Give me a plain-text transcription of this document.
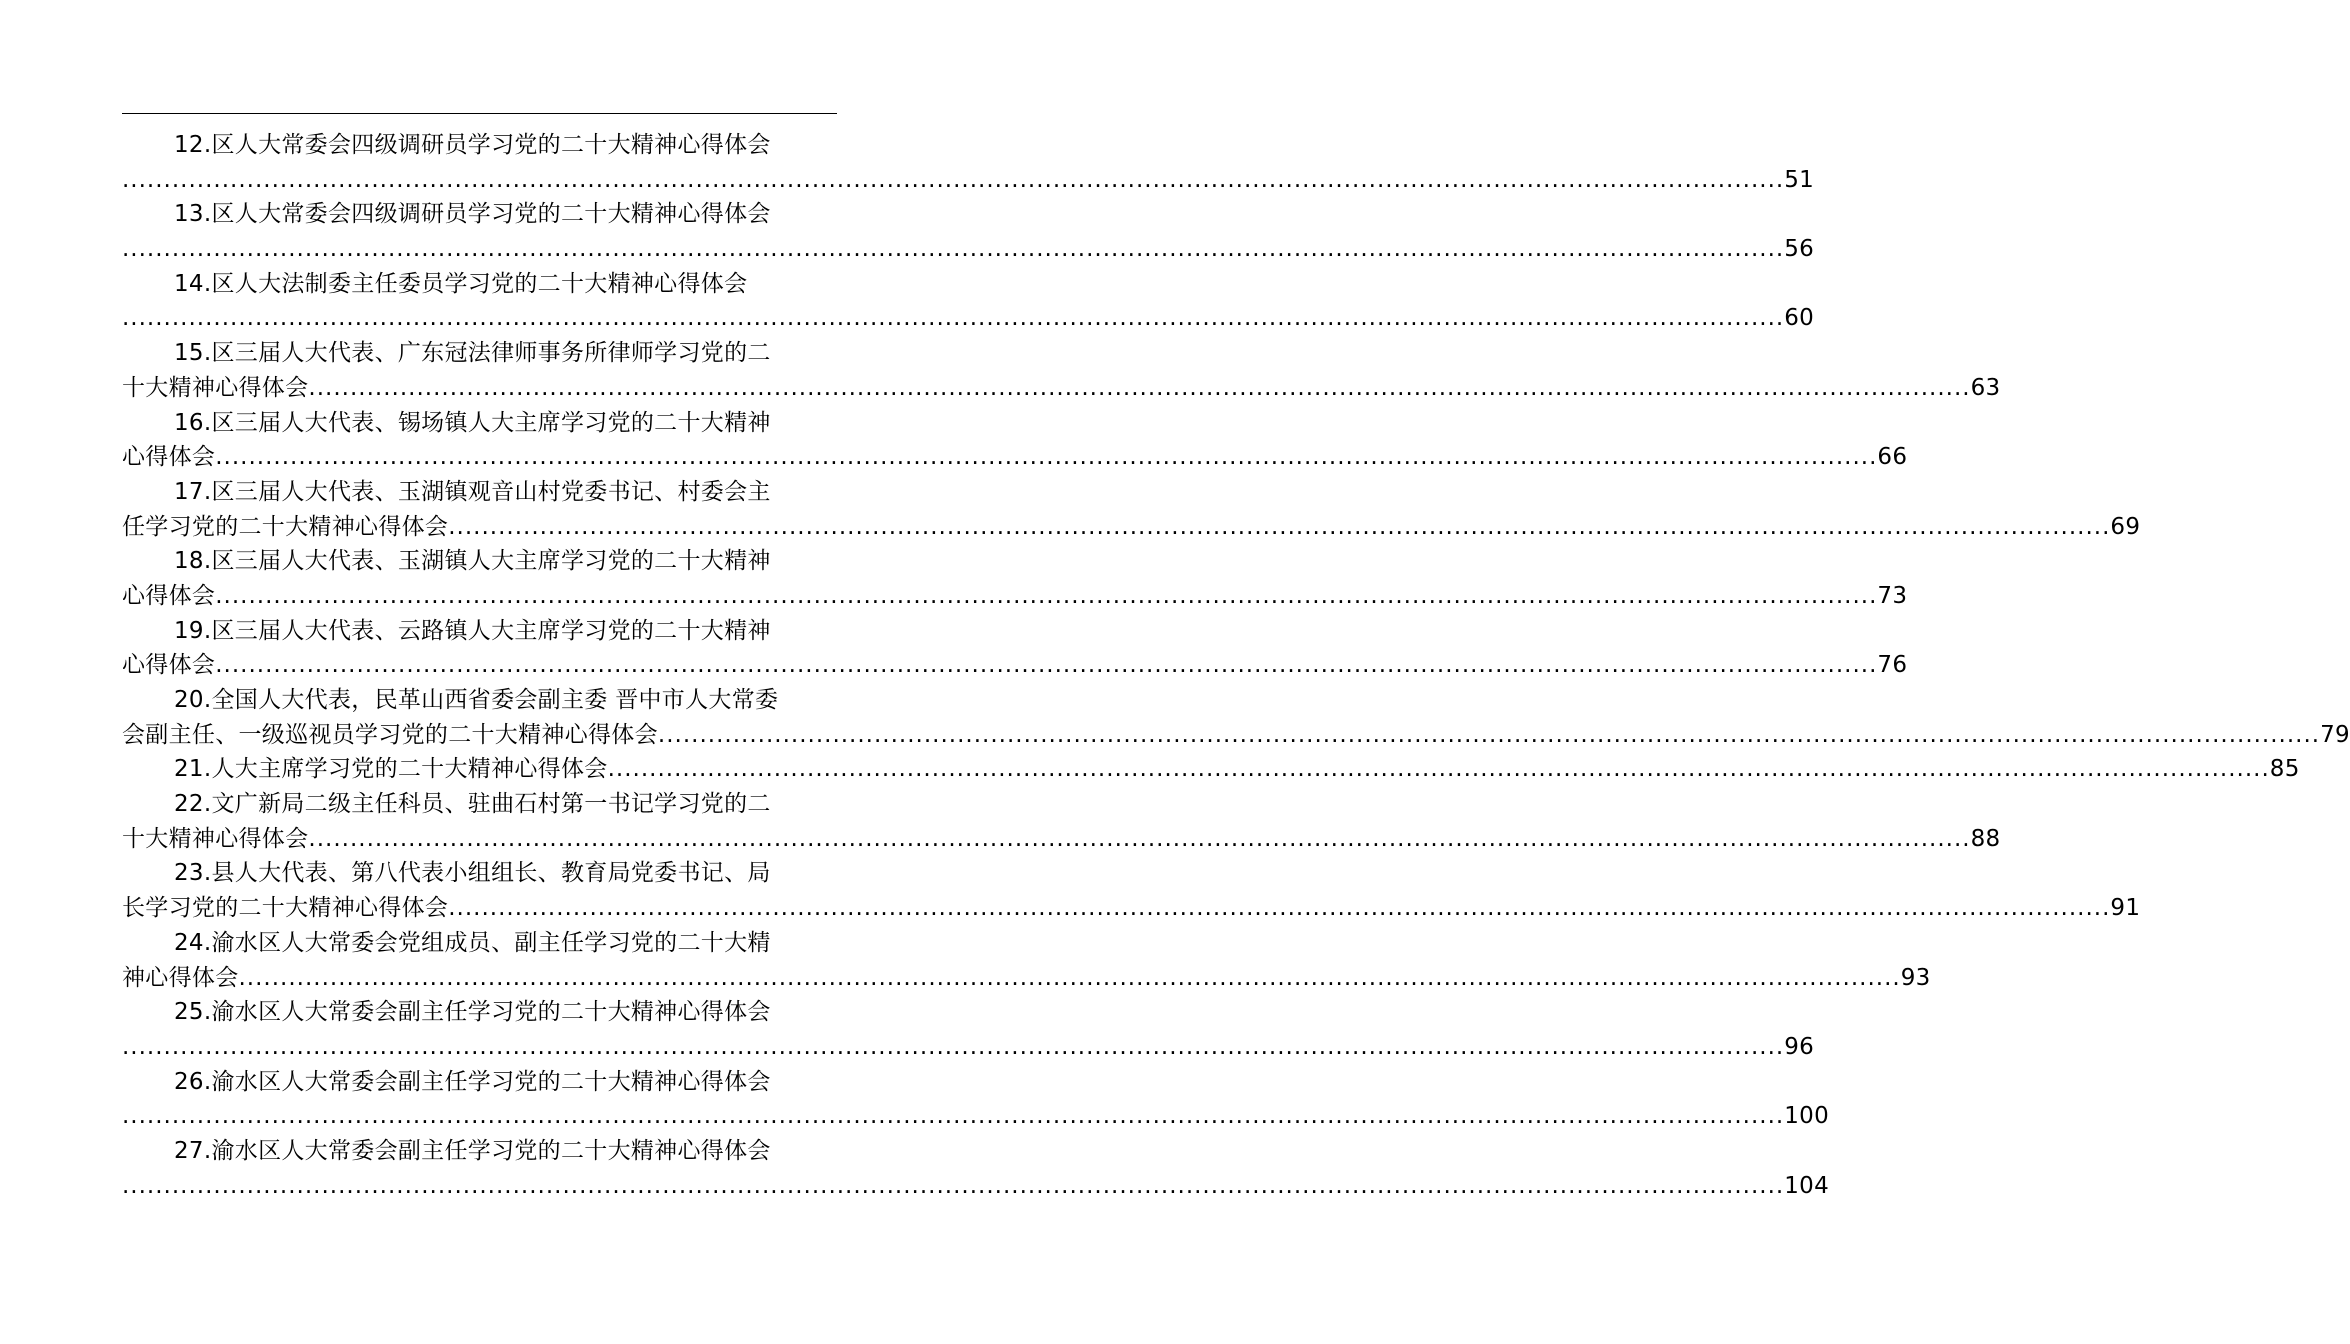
12.区人大常委会四级调研员学习党的二十大精神心得体会
........................................................................................................................................................................................................ 51
13.区人大常委会四级调研员学习党的二十大精神心得体会
........................................................................................................................................................................................................ 56
14.区人大法制委主任委员学习党的二十大精神心得体会
........................................................................................................................................................................................................ 60
15.区三届人大代表、广东冠法律师事务所律师学习党的二
十大精神心得体会 ........................................................................................................................................................................................................ 63
16.区三届人大代表、锡场镇人大主席学习党的二十大精神
心得体会 ........................................................................................................................................................................................................ 66
17.区三届人大代表、玉湖镇观音山村党委书记、村委会主
任学习党的二十大精神心得体会 ........................................................................................................................................................................................................ 69
18.区三届人大代表、玉湖镇人大主席学习党的二十大精神
心得体会 ........................................................................................................................................................................................................ 73
19.区三届人大代表、云路镇人大主席学习党的二十大精神
心得体会 ........................................................................................................................................................................................................ 76
20.全国人大代表，民革山西省委会副主委 晋中市人大常委
会副主任、一级巡视员学习党的二十大精神心得体会 ........................................................................................................................................................................................................ 79
21.人大主席学习党的二十大精神心得体会 ........................................................................................................................................................................................................ 85
22.文广新局二级主任科员、驻曲石村第一书记学习党的二
十大精神心得体会 ........................................................................................................................................................................................................ 88
23.县人大代表、第八代表小组组长、教育局党委书记、局
长学习党的二十大精神心得体会 ........................................................................................................................................................................................................ 91
24.渝水区人大常委会党组成员、副主任学习党的二十大精
神心得体会 ........................................................................................................................................................................................................ 93
25.渝水区人大常委会副主任学习党的二十大精神心得体会
........................................................................................................................................................................................................ 96
26.渝水区人大常委会副主任学习党的二十大精神心得体会
........................................................................................................................................................................................................ 100
27.渝水区人大常委会副主任学习党的二十大精神心得体会
........................................................................................................................................................................................................ 104
